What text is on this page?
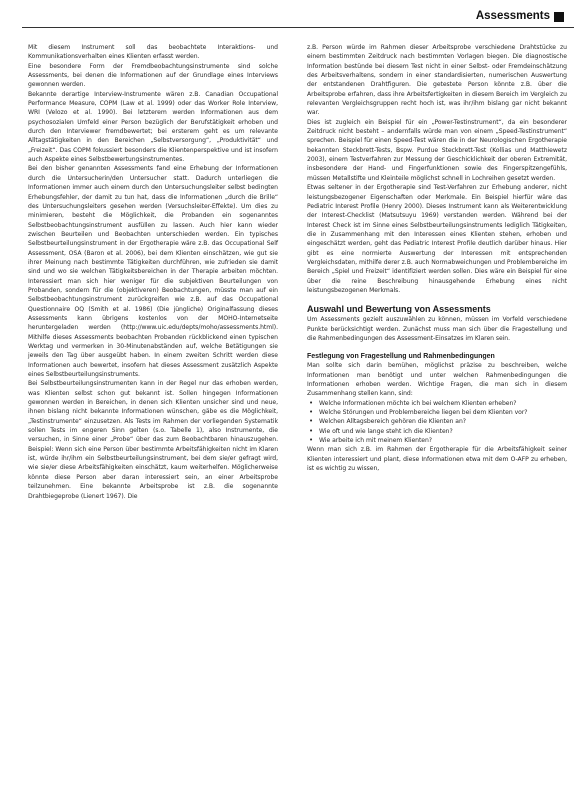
Assessments

Mit diesem Instrument soll das beobachtete Interaktions- und Kommunikationsverhalten eines Klienten erfasst werden.

Eine besondere Form der Fremdbeobachtungsinstrumente sind solche Assessments, bei denen die Informationen auf der Grundlage eines Interviews gewonnen werden.

Bekannte derartige Interview-Instrumente wären z.B. Canadian Occupational Performance Measure, COPM (Law et al. 1999) oder das Worker Role Interview, WRI (Velozo et al. 1990). Bei letzterem werden Informationen aus dem psychosozialen Umfeld einer Person bezüglich der Berufstätigkeit erhoben und durch den Interviewer fremdbewertet; bei ersterem geht es um relevante Alltagstätigkeiten in den Bereichen „Selbstversorgung“, „Produktivität“ und „Freizeit“. Das COPM fokussiert besonders die Klientenperspektive und ist insofern auch Aspekte eines Selbstbewertungsinstrumentes.

Bei den bisher genannten Assessments fand eine Erhebung der Informationen durch die Untersucherin/den Untersucher statt. Dadurch unterliegen die Informationen immer auch einem durch den Untersuchungsleiter selbst bedingten Erhebungsfehler, der damit zu tun hat, dass die Informationen „durch die Brille“ des Untersuchungsleiters gesehen werden (Versuchsleiter-Effekte). Um dies zu minimieren, besteht die Möglichkeit, die Probanden ein sogenanntes Selbstbeobachtungsinstrument ausfüllen zu lassen. Auch hier kann wieder zwischen Beurteilen und Beobachten unterschieden werden. Ein typisches Selbstbeurteilungsinstrument in der Ergotherapie wäre z.B. das Occupational Self Assessment, OSA (Baron et al. 2006), bei dem Klienten einschätzen, wie gut sie ihrer Meinung nach bestimmte Tätigkeiten durchführen, wie zufrieden sie damit sind und wo sie welchen Tätigkeitsbereichen in der Therapie arbeiten möchten. Interessiert man sich hier weniger für die subjektiven Beurteilungen von Probanden, sondern für die (objektiveren) Beobachtungen, müsste man auf ein Selbstbeobachtungsinstrument zurückgreifen wie z.B. auf das Occupational Questionnaire OQ (Smith et al. 1986) (Die jüngliche) Originalfassung dieses Assessments kann übrigens kostenlos von der MOHO-Internetseite heruntergeladen werden (http://www.uic.edu/depts/moho/assessments.html). Mithilfe dieses Assessments beobachten Probanden rückblickend einen typischen Werktag und vermerken in 30-Minutenabständen auf, welche Betätigungen sie jeweils den Tag über ausgeübt haben. In einem zweiten Schritt werden diese Informationen auch bewertet, insofern hat dieses Assessment zusätzlich Aspekte eines Selbstbeurteilungsinstruments.

Bei Selbstbeurteilungsinstrumenten kann in der Regel nur das erhoben werden, was Klienten selbst schon gut bekannt ist. Sollen hingegen Informationen gewonnen werden in Bereichen, in denen sich Klienten unsicher sind und neue, ihnen bislang nicht bekannte Informationen wünschen, gäbe es die Möglichkeit, „Testinstrumente“ einzusetzen. Als Tests im Rahmen der vorliegenden Systematik sollen Tests im engeren Sinn gelten (s.o. Tabelle 1), also Instrumente, die versuchen, in Sinne einer „Probe“ über das zum Beobachtbaren hinauszugehen. Beispiel: Wenn sich eine Person über bestimmte Arbeitsfähigkeiten nicht im Klaren ist, würde ihr/ihm ein Selbstbeurteilungsinstrument, bei dem sie/er gefragt wird, wie sie/er diese Arbeitsfähigkeiten einschätzt, kaum weiterhelfen. Möglicherweise könnte diese Person aber daran interessiert sein, an einer Arbeitsprobe teilzunehmen. Eine bekannte Arbeitsprobe ist z.B. die sogenannte Drahtbiegeprobe (Lienert 1967). Die

z.B. Person würde im Rahmen dieser Arbeitsprobe verschiedene Drahtstücke zu einem bestimmten Zeitdruck nach bestimmten Vorlagen biegen. Die diagnostische Information bestünde bei diesem Test nicht in einer Selbst- oder Fremdeinschätzung des Arbeitsverhaltens, sondern in einer standardisierten, numerischen Auswertung der entstandenen Drahtfiguren. Die getestete Person könnte z.B. über die Arbeitsprobe erfahren, dass ihre Arbeitsfertigkeiten in diesem Bereich im Vergleich zu relevanten Vergleichsgruppen recht hoch ist, was ihr/ihm bislang gar nicht bekannt war.

Dies ist zugleich ein Beispiel für ein „Power-Testinstrument“, da ein besonderer Zeitdruck nicht besteht – andernfalls würde man von einem „Speed-Testinstrument“ sprechen. Beispiel für einen Speed-Test wären die in der Neurologischen Ergotherapie bekannten Steckbrett-Tests, Bspw. Purdue Steckbrett-Test (Kollias und Matthiewetz 2003), einem Testverfahren zur Messung der Geschicklichkeit der oberen Extremität, insbesondere der Hand- und Fingerfunktionen sowie des Fingerspitzengefühls, müssen Metallstifte und Kleinteile möglichst schnell in Lochreihen gesetzt werden.

Etwas seltener in der Ergotherapie sind Test-Verfahren zur Erhebung anderer, nicht leistungsbezogener Eigenschaften oder Merkmale. Ein Beispiel hierfür wäre das Pediatric Interest Profile (Henry 2000). Dieses Instrument kann als Weiterentwicklung der Interest-Checklist (Matsutsuyu 1969) verstanden werden. Während bei der Interest Check ist im Sinne eines Selbstbeurteilungsinstruments lediglich Tätigkeiten, die in Zusammenhang mit den Interessen eines Klienten stehen, erhoben und eingeschätzt werden, geht das Pediatric Interest Profile deutlich darüber hinaus. Hier gibt es eine normierte Auswertung der Interessen mit entsprechenden Vergleichsdaten, mithilfe derer z.B. auch Normabweichungen und Problembereiche im Bereich „Spiel und Freizeit“ identifiziert werden sollen. Dies wäre ein Beispiel für eine über die reine Beschreibung hinausgehende Erhebung eines nicht leistungsbezogenen Merkmals.

Auswahl und Bewertung von Assessments

Um Assessments gezielt auszuwählen zu können, müssen im Vorfeld verschiedene Punkte berücksichtigt werden. Zunächst muss man sich über die Fragestellung und die Rahmenbedingungen des Assessment-Einsatzes im Klaren sein.

Festlegung von Fragestellung und Rahmenbedingungen

Man sollte sich darin bemühen, möglichst präzise zu beschreiben, welche Informationen man benötigt und unter welchen Rahmenbedingungen die Informationen erhoben werden. Wichtige Fragen, die man sich in diesem Zusammenhang stellen kann, sind:

• Welche Informationen möchte ich bei welchem Klienten erheben?
• Welche Störungen und Problembereiche liegen bei dem Klienten vor?
• Welchen Alltagsbereich gehören die Klienten an?
• Wie oft und wie lange steht ich die Klienten?
• Wie arbeite ich mit meinem Klienten?

Wenn man sich z.B. im Rahmen der Ergotherapie für die Arbeitsfähigkeit seiner Klienten interessiert und plant, diese Informationen etwa mit dem O-AFP zu erheben, ist es wichtig zu wissen,
